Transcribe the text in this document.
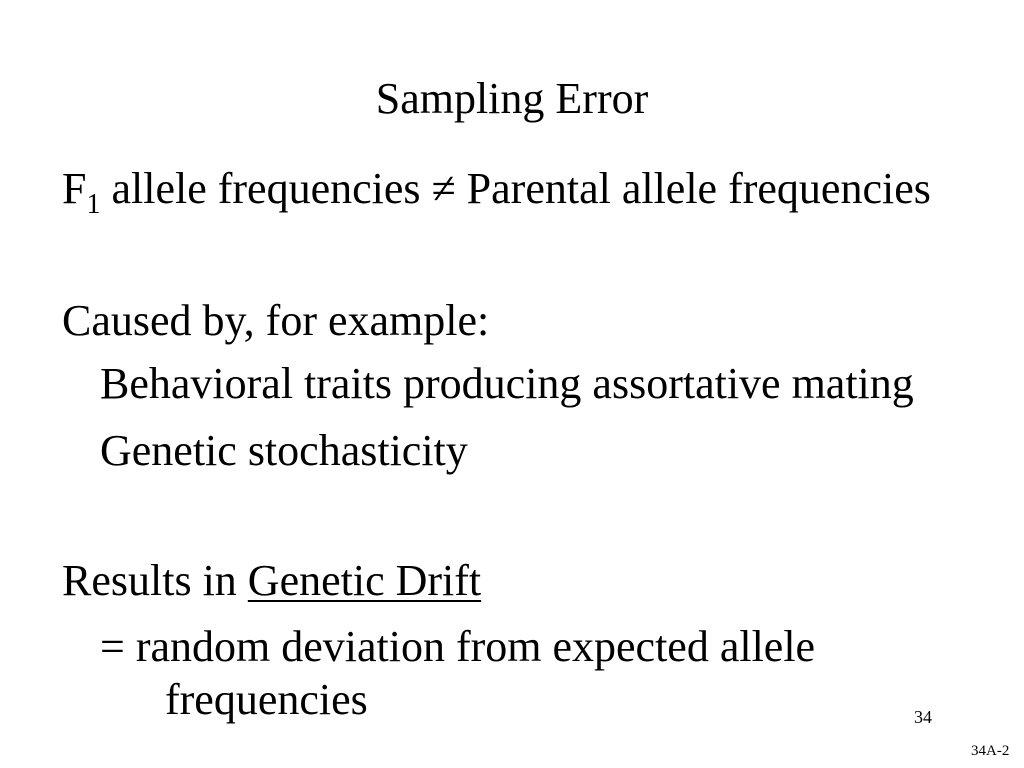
Sampling Error
$F_1$ allele frequencies ≠ Parental allele frequencies
Caused by, for example:
Behavioral traits producing assortative mating
Genetic stochasticity
Results in Genetic Drift
= random deviation from expected allele
frequencies	34
34A-2
